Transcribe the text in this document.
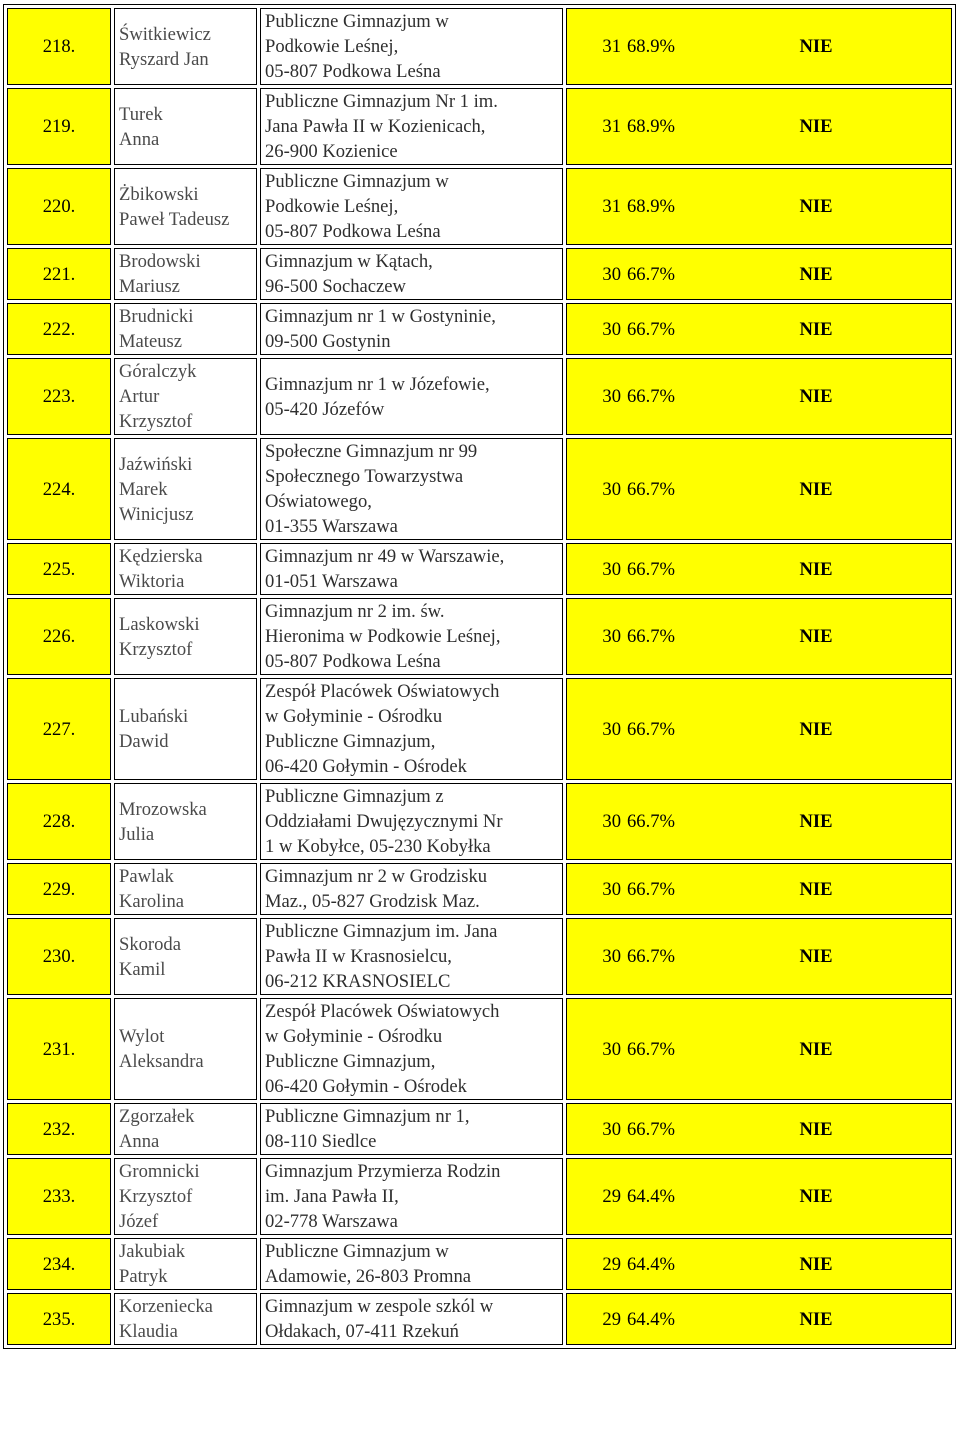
218.	Świtkiewicz
Ryszard Jan	Publiczne Gimnazjum w
Podkowie Leśnej,
05-807 Podkowa Leśna	31 68.9% NIE

219.	Turek
Anna	Publiczne Gimnazjum Nr 1 im.
Jana Pawła II w Kozienicach,
26-900 Kozienice	31 68.9% NIE

220.	Żbikowski
Paweł Tadeusz	Publiczne Gimnazjum w
Podkowie Leśnej,
05-807 Podkowa Leśna	31 68.9% NIE

221.	Brodowski
Mariusz	Gimnazjum w Kątach,
96-500 Sochaczew	30 66.7% NIE

222.	Brudnicki
Mateusz	Gimnazjum nr 1 w Gostyninie,
09-500 Gostynin	30 66.7% NIE

223.	Góralczyk
Artur
Krzysztof	Gimnazjum nr 1 w Józefowie,
05-420 Józefów	30 66.7% NIE

224.	Jaźwiński
Marek
Winicjusz	Społeczne Gimnazjum nr 99
Społecznego Towarzystwa
Oświatowego,
01-355 Warszawa	30 66.7% NIE

225.	Kędzierska
Wiktoria	Gimnazjum nr 49 w Warszawie,
01-051 Warszawa	30 66.7% NIE

226.	Laskowski
Krzysztof	Gimnazjum nr 2 im. św.
Hieronima w Podkowie Leśnej,
05-807 Podkowa Leśna	30 66.7% NIE

227.	Lubański
Dawid	Zespół Placówek Oświatowych
w Gołyminie - Ośrodku
Publiczne Gimnazjum,
06-420 Gołymin - Ośrodek	30 66.7% NIE

228.	Mrozowska
Julia	Publiczne Gimnazjum z
Oddziałami Dwujęzycznymi Nr
1 w Kobyłce, 05-230 Kobyłka	30 66.7% NIE

229.	Pawlak
Karolina	Gimnazjum nr 2 w Grodzisku
Maz., 05-827 Grodzisk Maz.	30 66.7% NIE

230.	Skoroda
Kamil	Publiczne Gimnazjum im. Jana
Pawła II w Krasnosielcu,
06-212 KRASNOSIELC	30 66.7% NIE

231.	Wylot
Aleksandra	Zespół Placówek Oświatowych
w Gołyminie - Ośrodku
Publiczne Gimnazjum,
06-420 Gołymin - Ośrodek	30 66.7% NIE

232.	Zgorzałek
Anna	Publiczne Gimnazjum nr 1,
08-110 Siedlce	30 66.7% NIE

233.	Gromnicki
Krzysztof
Józef	Gimnazjum Przymierza Rodzin
im. Jana Pawła II,
02-778 Warszawa	29 64.4% NIE

234.	Jakubiak
Patryk	Publiczne Gimnazjum w
Adamowie, 26-803 Promna	29 64.4% NIE

235.	Korzeniecka
Klaudia	Gimnazjum w zespole szkól w
Ołdakach, 07-411 Rzekuń	29 64.4% NIE
